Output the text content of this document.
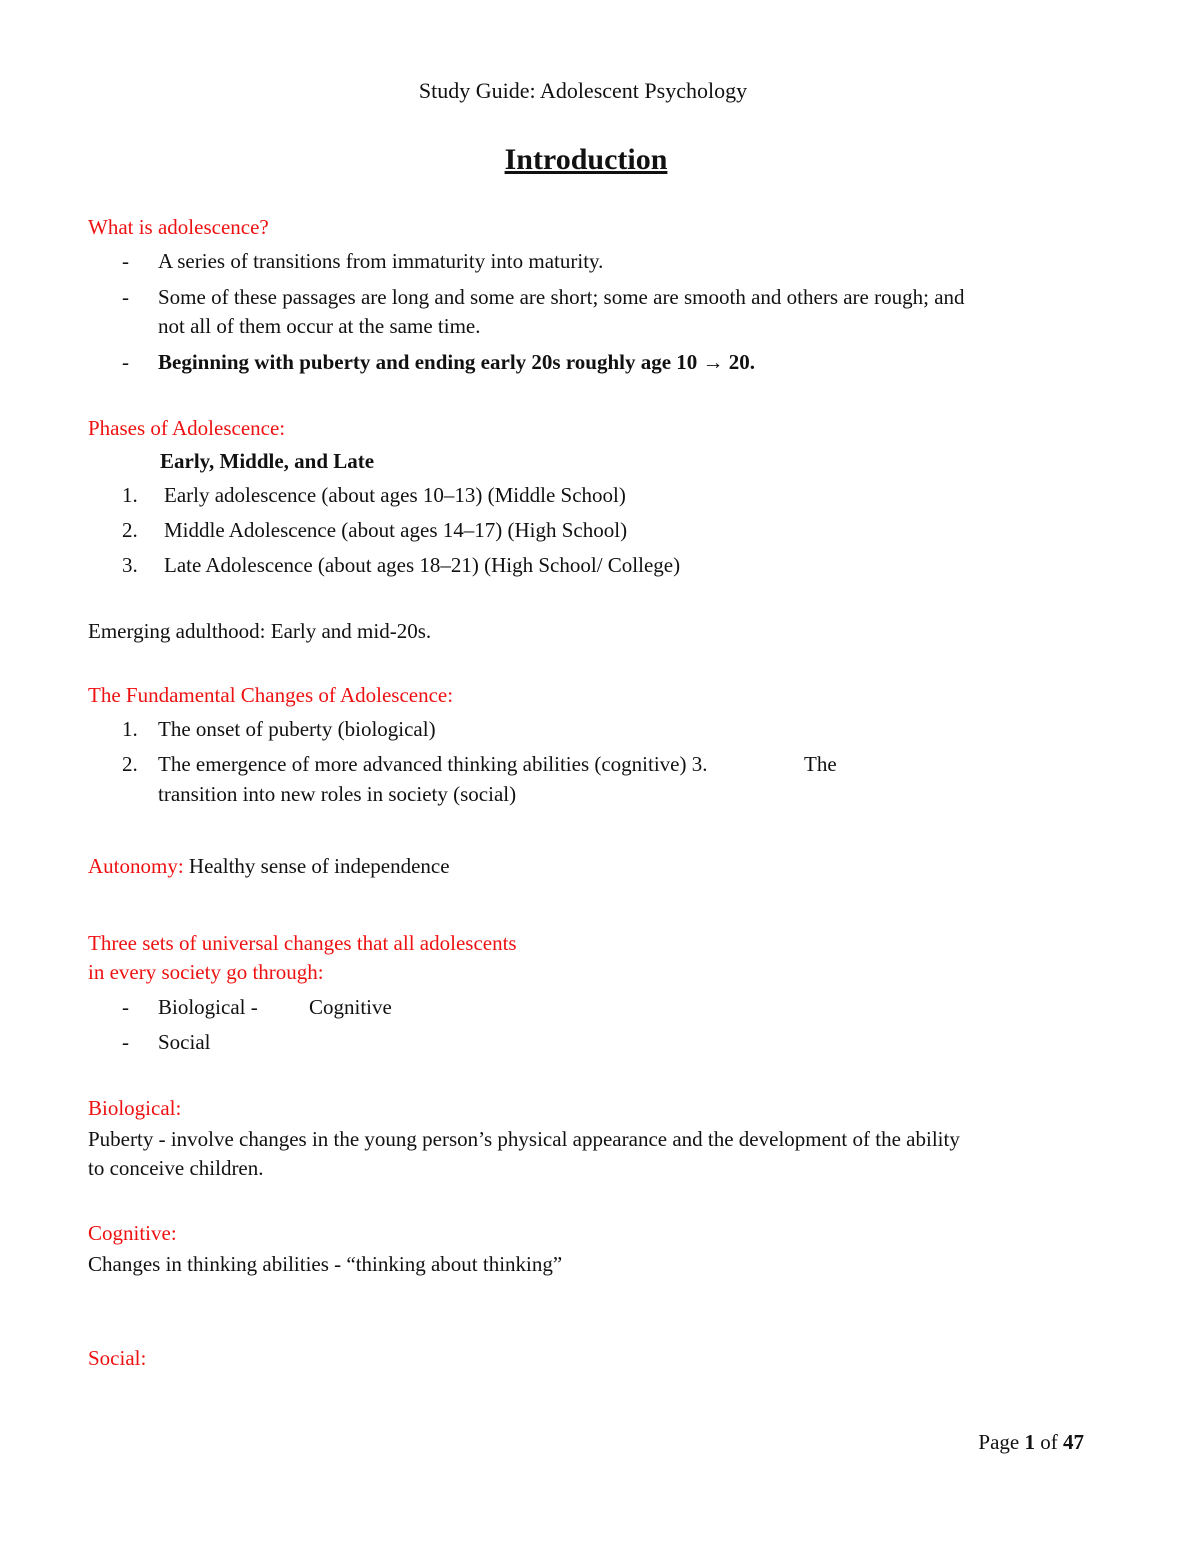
Study Guide: Adolescent Psychology
Introduction
What is adolescence?
- A series of transitions from immaturity into maturity.
- Some of these passages are long and some are short; some are smooth and others are rough; and
not all of them occur at the same time.
- Beginning with puberty and ending early 20s roughly age 10 → 20.
Phases of Adolescence:
Early, Middle, and Late
1. Early adolescence (about ages 10–13) (Middle School)
2. Middle Adolescence (about ages 14–17) (High School)
3. Late Adolescence (about ages 18–21) (High School/ College)
Emerging adulthood: Early and mid-20s.
The Fundamental Changes of Adolescence:
1. The onset of puberty (biological)
2. The emergence of more advanced thinking abilities (cognitive) 3.	The
transition into new roles in society (social)
Autonomy: Healthy sense of independence
Three sets of universal changes that all adolescents
in every society go through:
- Biological - Cognitive
- Social
Biological:
Puberty - involve changes in the young person’s physical appearance and the development of the ability
to conceive children.
Cognitive:
Changes in thinking abilities - “thinking about thinking”
Social:
Page 1 of 47
